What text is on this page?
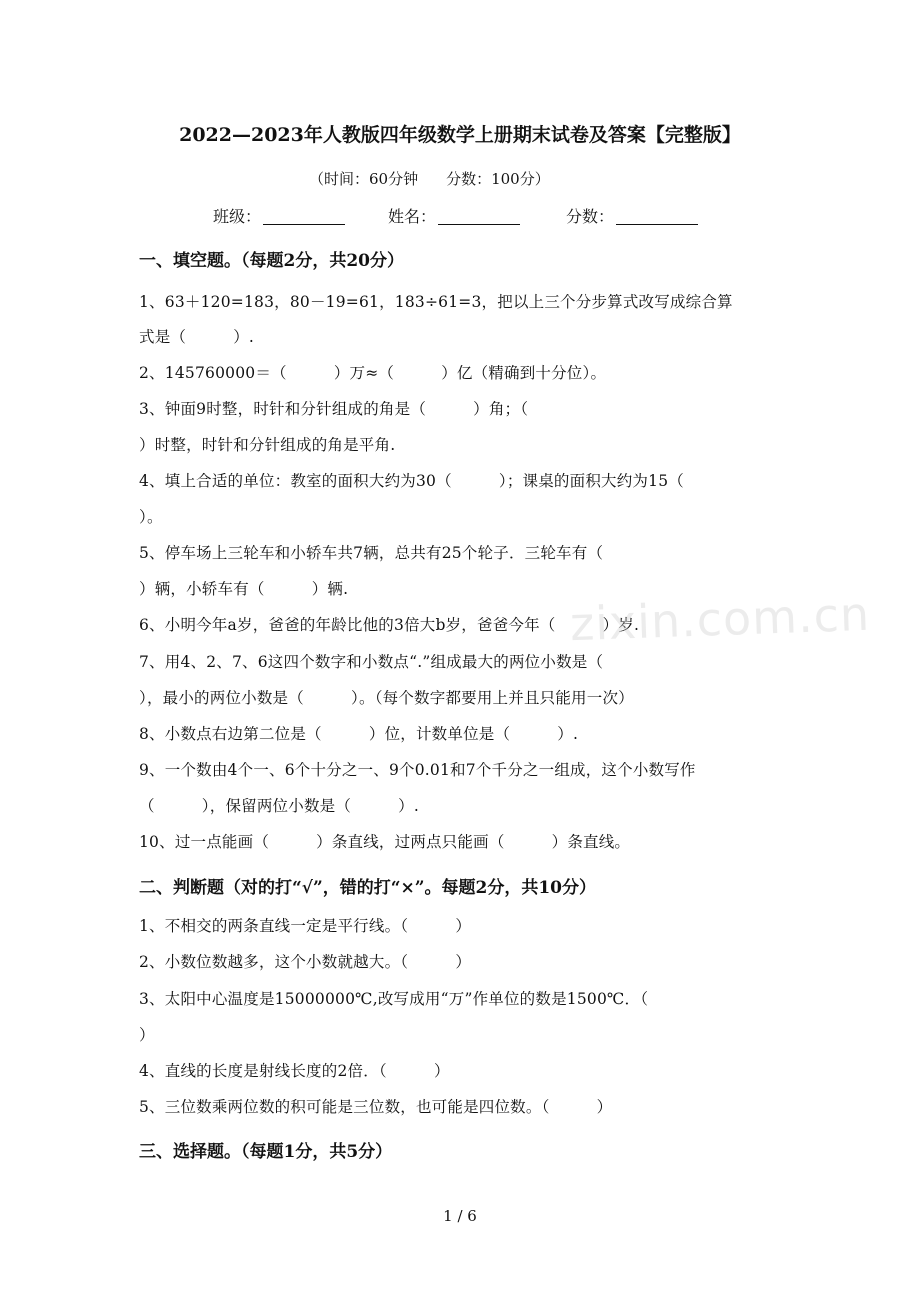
2022—2023年人教版四年级数学上册期末试卷及答案【完整版】
（时间：60分钟 分数：100分）
班级：	姓名：	分数：
一、填空题。（每题2分，共20分）
1、63＋120=183，80－19=61，183÷61=3，把以上三个分步算式改写成综合算
式是（　　　）.
2、145760000＝（　　　）万≈（　　　）亿（精确到十分位）。
3、钟面9时整，时针和分针组成的角是（　　　）角；（
）时整，时针和分针组成的角是平角.
4、填上合适的单位：教室的面积大约为30（　　　）；课桌的面积大约为15（
）。
5、停车场上三轮车和小轿车共7辆，总共有25个轮子．三轮车有（
）辆，小轿车有（　　　）辆.
6、小明今年a岁，爸爸的年龄比他的3倍大b岁，爸爸今年（　　　）岁.
7、用4、2、7、6这四个数字和小数点“.”组成最大的两位小数是（
），最小的两位小数是（　　　）。（每个数字都要用上并且只能用一次）
8、小数点右边第二位是（　　　）位，计数单位是（　　　）.
9、一个数由4个一、6个十分之一、9个0.01和7个千分之一组成，这个小数写作
（　　　），保留两位小数是（　　　）.
10、过一点能画（　　　）条直线，过两点只能画（　　　）条直线。
二、判断题（对的打“√”，错的打“×”。每题2分，共10分）
1、不相交的两条直线一定是平行线。（　　　）
2、小数位数越多，这个小数就越大。（　　　）
3、太阳中心温度是15000000℃,改写成用“万”作单位的数是1500℃．（
）
4、直线的长度是射线长度的2倍．（　　　）
5、三位数乘两位数的积可能是三位数，也可能是四位数。（　　　）
三、选择题。（每题1分，共5分）
zixin.com.cn
1 / 6
